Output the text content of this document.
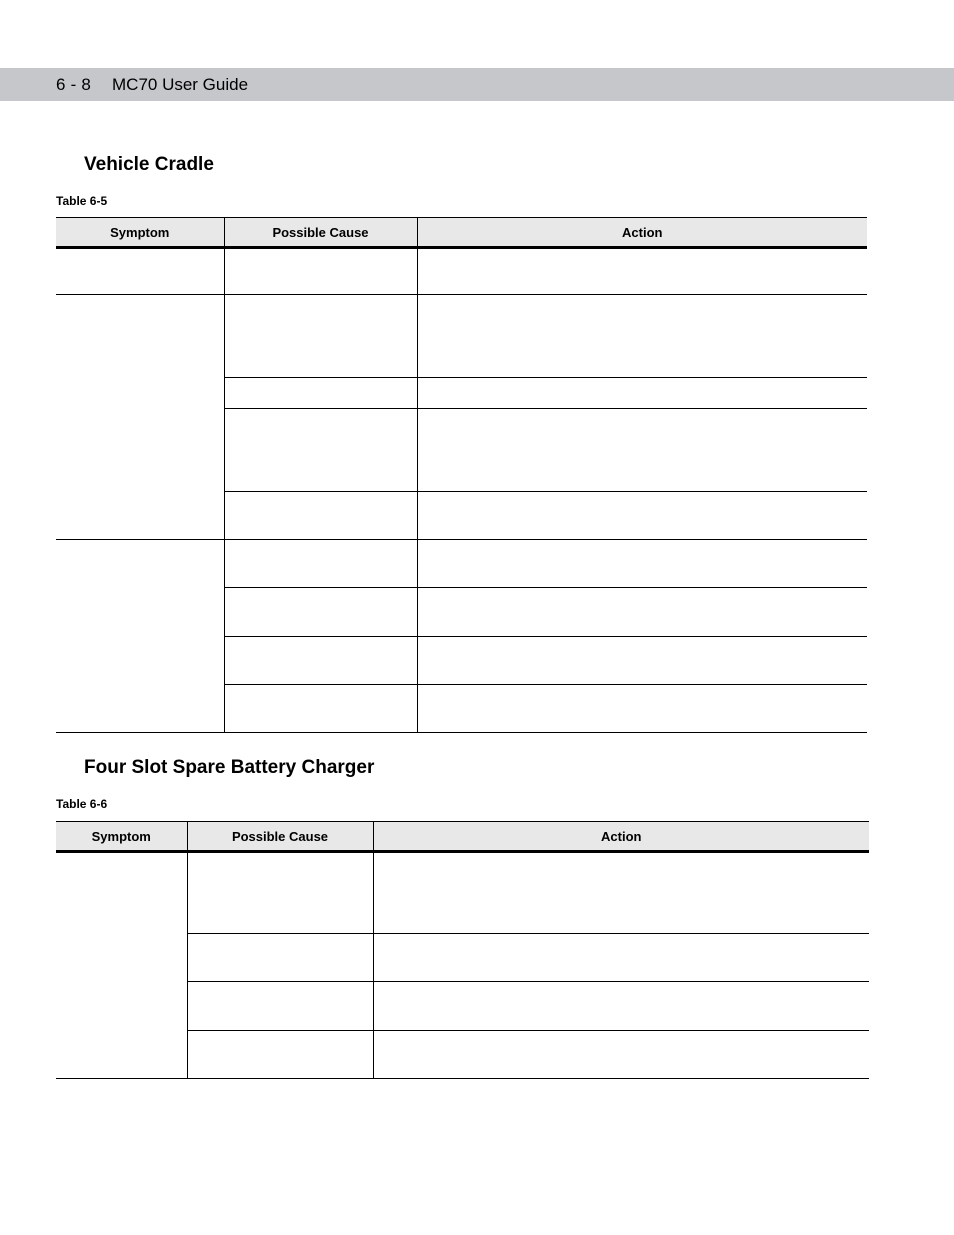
6 - 8 MC70 User Guide
Vehicle Cradle
Table 6-5
Symptom	Possible Cause	Action

Four Slot Spare Battery Charger
Table 6-6
Symptom	Possible Cause	Action
